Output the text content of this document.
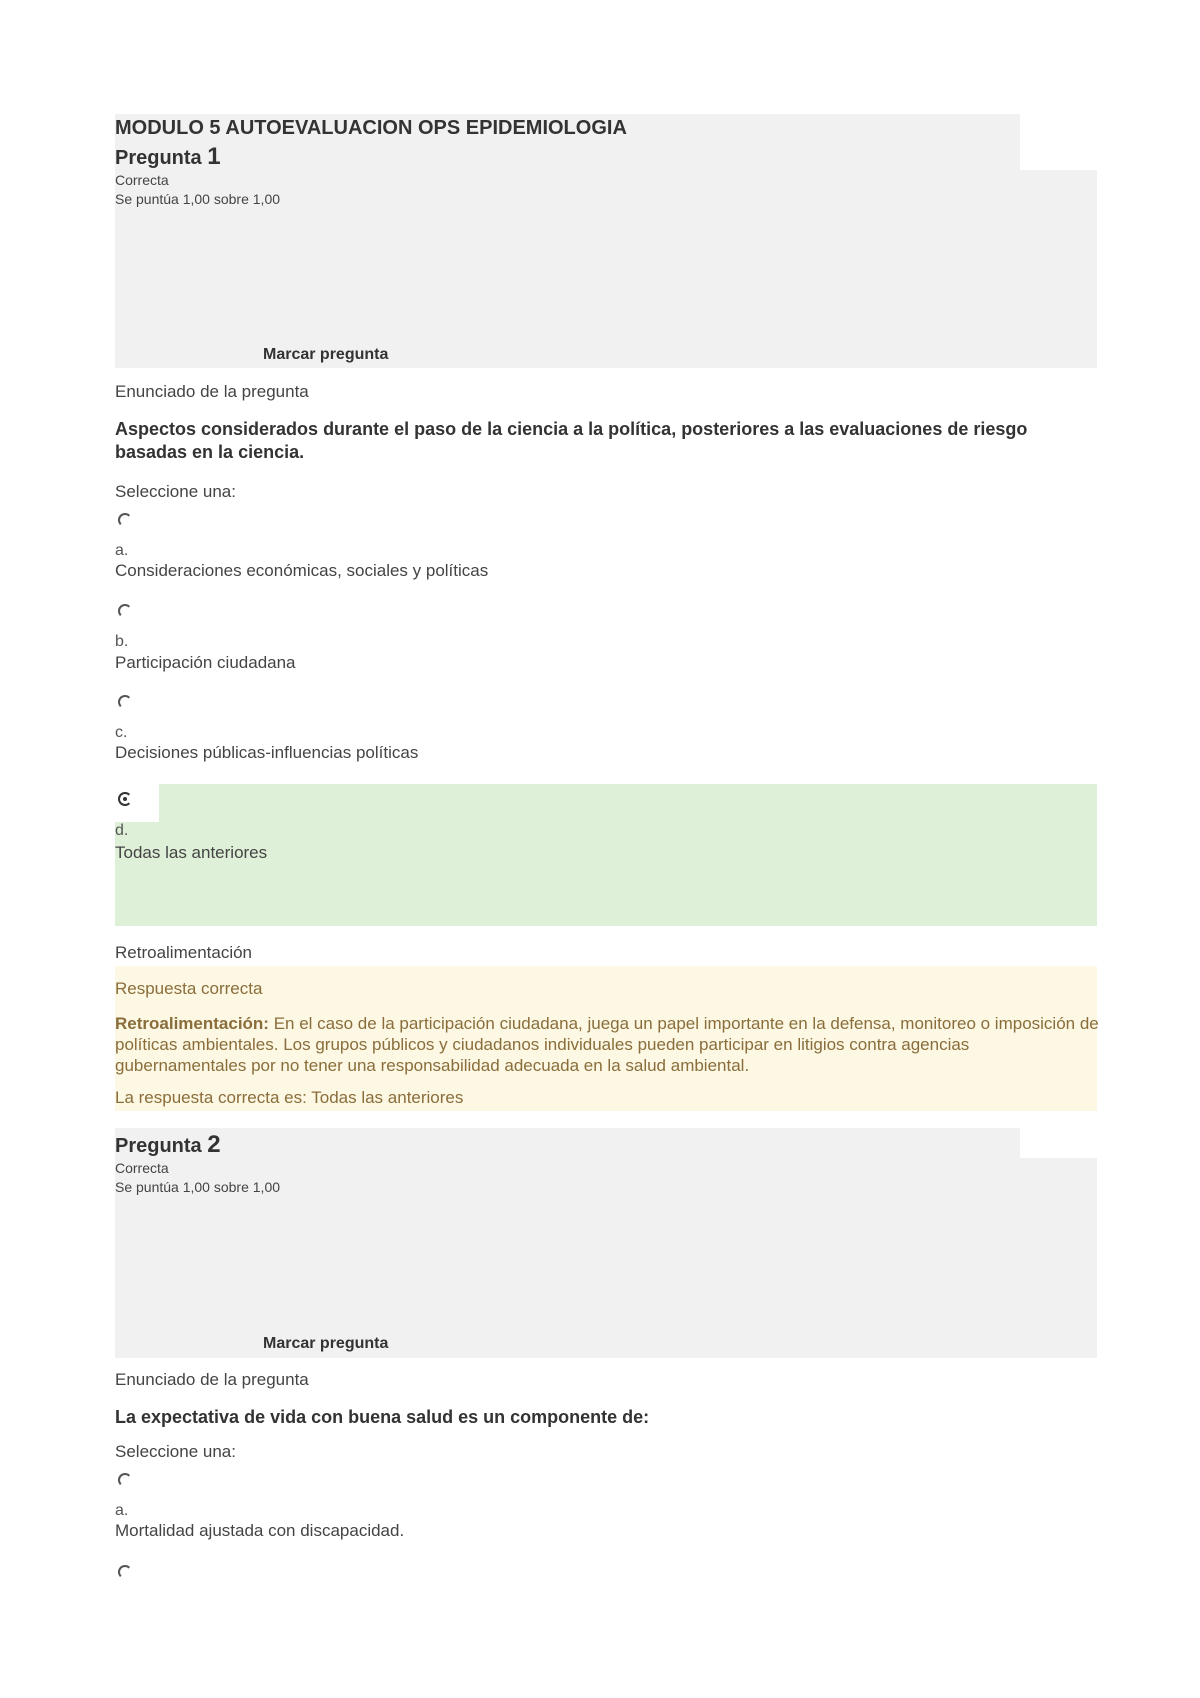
MODULO 5 AUTOEVALUACION OPS EPIDEMIOLOGIA
Pregunta 1
Correcta
Se puntúa 1,00 sobre 1,00
Marcar pregunta
Enunciado de la pregunta
Aspectos considerados durante el paso de la ciencia a la política, posteriores a las evaluaciones de riesgo basadas en la ciencia.
Seleccione una:
a.
Consideraciones económicas, sociales y políticas
b.
Participación ciudadana
c.
Decisiones públicas-influencias políticas
d.
Todas las anteriores
Retroalimentación
Respuesta correcta
Retroalimentación: En el caso de la participación ciudadana, juega un papel importante en la defensa, monitoreo o imposición de políticas ambientales. Los grupos públicos y ciudadanos individuales pueden participar en litigios contra agencias gubernamentales por no tener una responsabilidad adecuada en la salud ambiental.
La respuesta correcta es: Todas las anteriores
Pregunta 2
Correcta
Se puntúa 1,00 sobre 1,00
Marcar pregunta
Enunciado de la pregunta
La expectativa de vida con buena salud es un componente de:
Seleccione una:
a.
Mortalidad ajustada con discapacidad.
